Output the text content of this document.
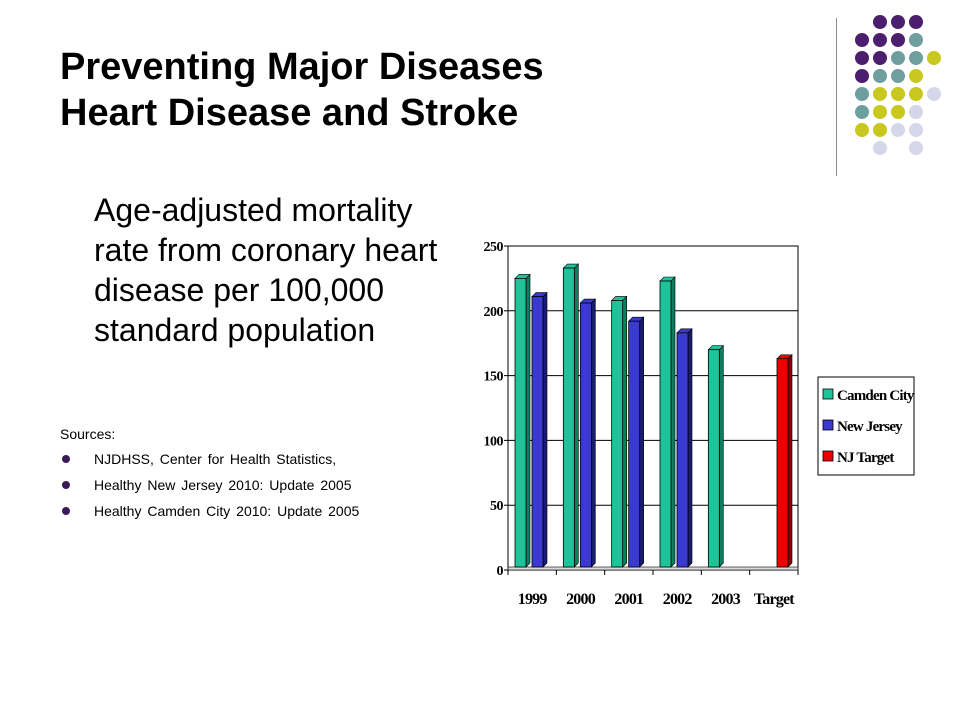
Preventing Major Diseases
Heart Disease and Stroke
Age-adjusted mortality rate from coronary heart disease per 100,000 standard population
Sources:
NJDHSS, Center for Health Statistics,
Healthy New Jersey 2010: Update 2005
Healthy Camden City 2010: Update 2005
0
50
100
150
200
250
1999 2000 2001 2002 2003 Target
Camden City
New Jersey
NJ Target
